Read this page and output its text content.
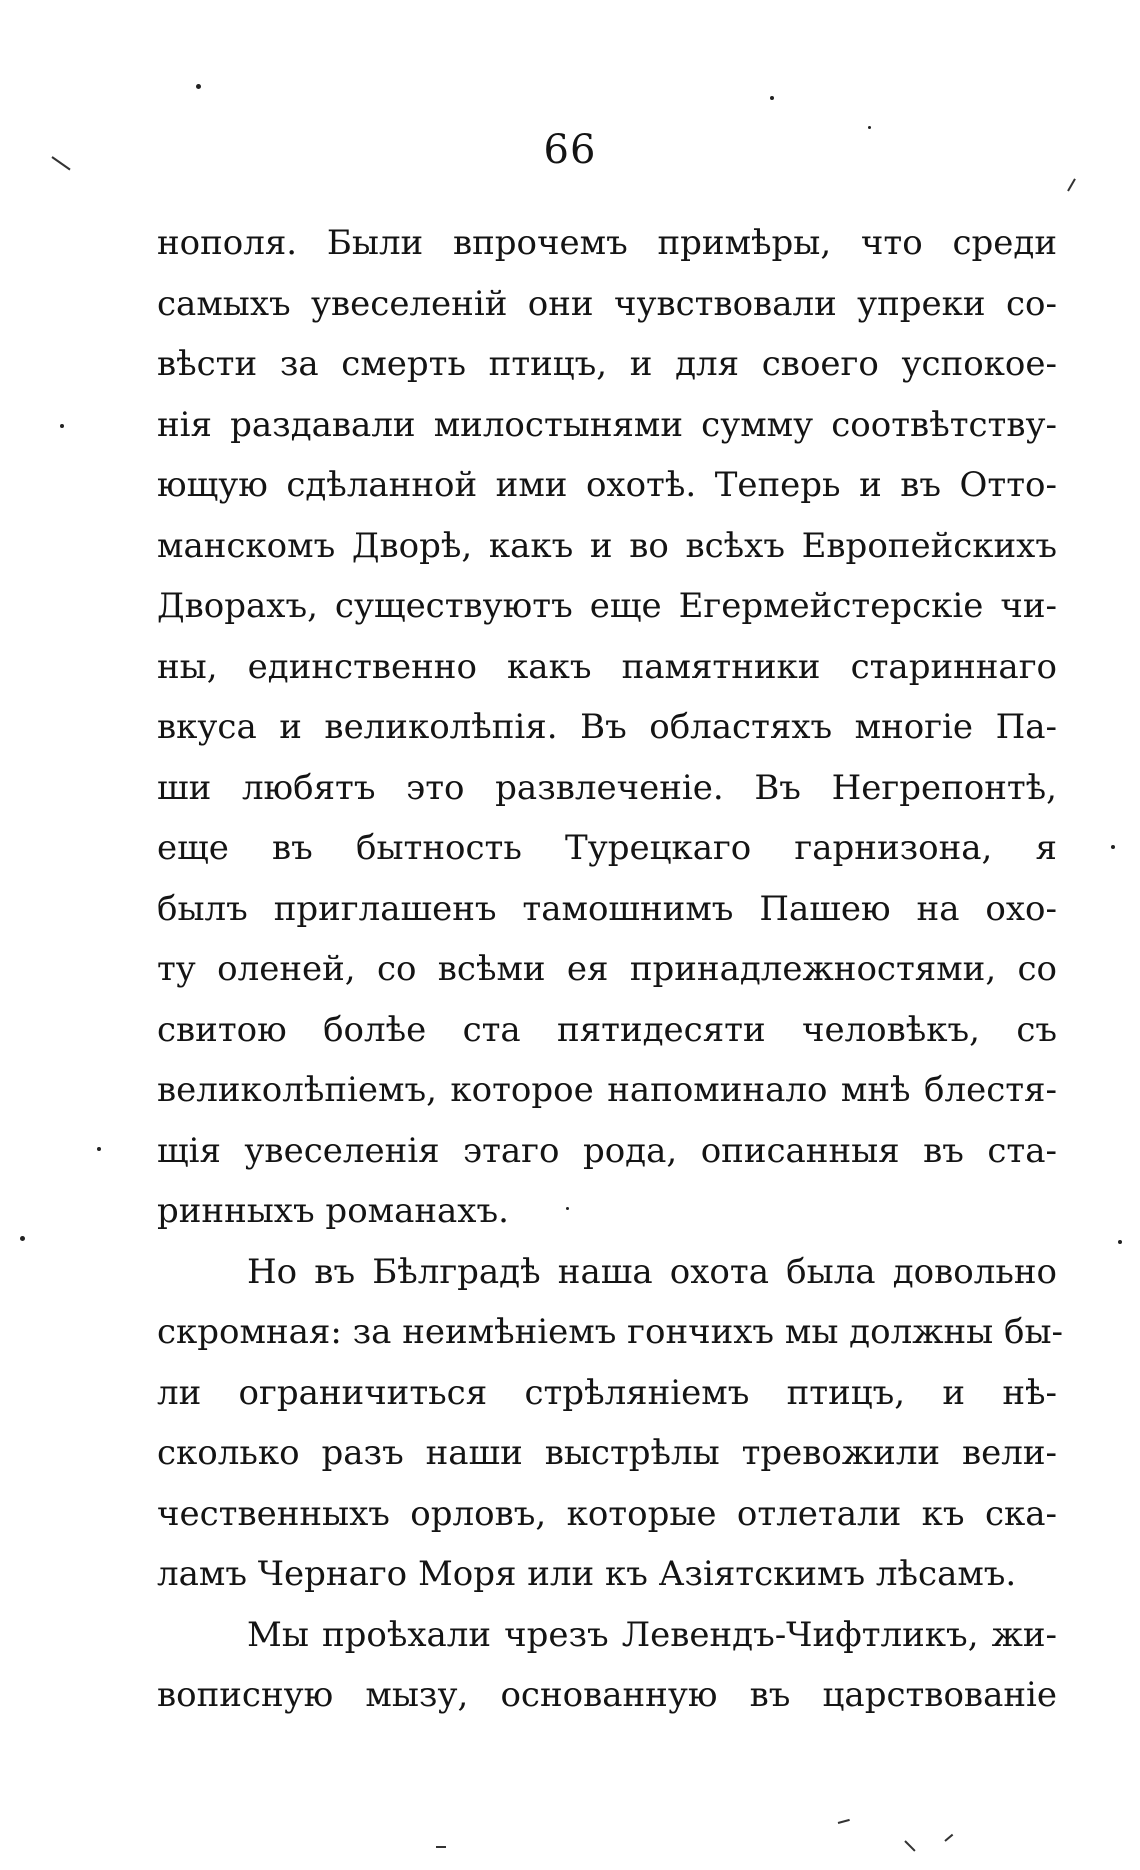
66
нополя. Были впрочемъ примѣры, что среди
самыхъ увеселеній они чувствовали упреки со-
вѣсти за смерть птицъ, и для своего успокое-
нія раздавали милостынями сумму соотвѣтству-
ющую сдѣланной ими охотѣ. Теперь и въ Отто-
манскомъ Дворѣ, какъ и во всѣхъ Европейскихъ
Дворахъ, существуютъ еще Егермейстерскіе чи-
ны, единственно какъ памятники стариннаго
вкуса и великолѣпія. Въ областяхъ многіе Па-
ши любятъ это развлеченіе. Въ Негрепонтѣ,
еще въ бытность Турецкаго гарнизона, я
былъ приглашенъ тамошнимъ Пашею на охо-
ту оленей, со всѣми ея принадлежностями, со
свитою болѣе ста пятидесяти человѣкъ, съ
великолѣпіемъ, которое напоминало мнѣ блестя-
щія увеселенія этаго рода, описанныя въ ста-
ринныхъ романахъ.
Но въ Бѣлградѣ наша охота была довольно
скромная: за неимѣніемъ гончихъ мы должны бы-
ли ограничиться стрѣляніемъ птицъ, и нѣ-
сколько разъ наши выстрѣлы тревожили вели-
чественныхъ орловъ, которые отлетали къ ска-
ламъ Чернаго Моря или къ Азіятскимъ лѣсамъ.
Мы проѣхали чрезъ Левендъ-Чифтликъ, жи-
вописную мызу, основанную въ царствованіе
